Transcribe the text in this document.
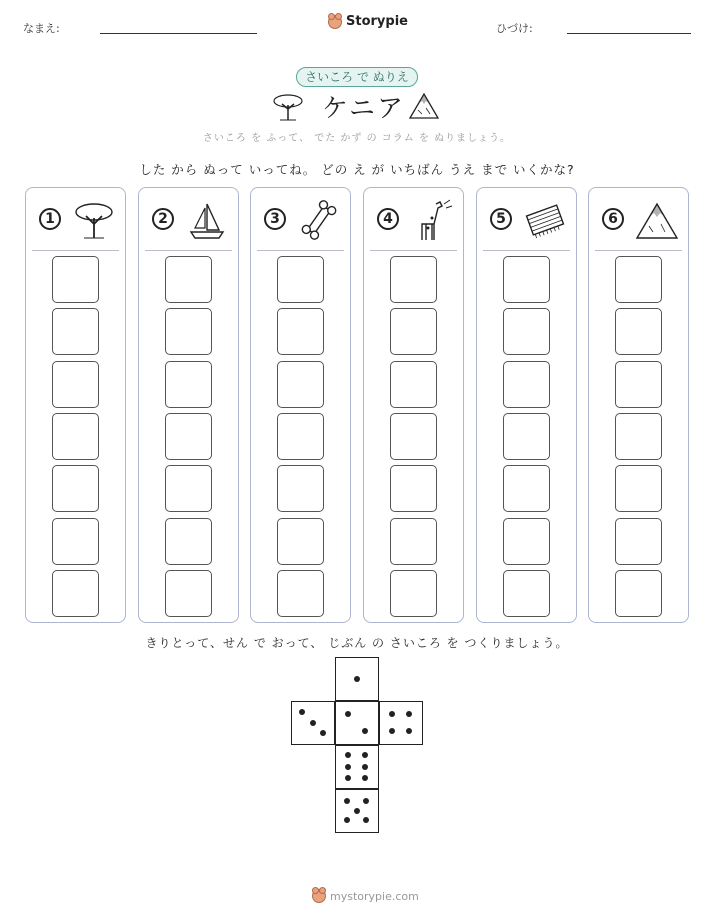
なまえ:	Storypie	ひづけ:
さいころ で ぬりえ
ケニア
さいころ を ふって、 でた かず の コラム を ぬりましょう。
した から ぬって いってね。 どの え が いちばん うえ まで いくかな?
1	2	3	4	5	6
きりとって、せん で おって、 じぶん の さいころ を つくりましょう。
mystorypie.com
